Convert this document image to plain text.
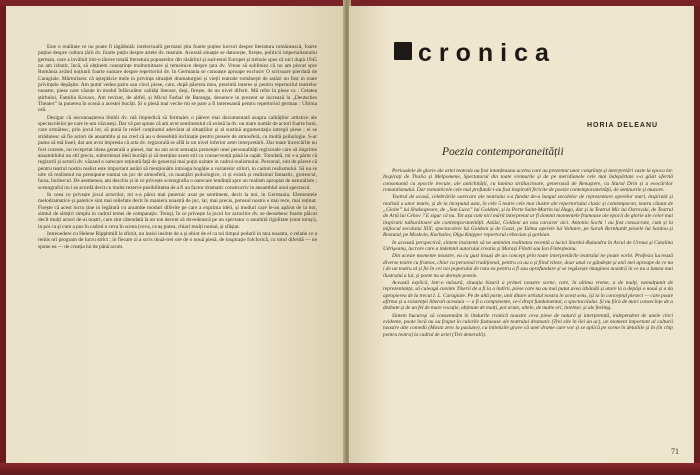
Este o realitate ce nu poate fi tăgăduită: intelectualii germani știu foarte puține lucruri despre literatura românească, foarte puține despre cultura țării dv. foarte puțin despre artele dv. teatrale. Această situație se datorește, firește, politicii imperialismului german, care a invăluit intr-o tăcere totală literatura popoarelor din răsăritul și sud-estul Europei și trebuie spus că nici după 1945 nu am izbutit, încă, să obținem cunoștințe multumitoare și temeinice despre țara dv. Vreau să subliniez că nu am plecat spre România având noțiunii foarte sumare despre repertoriul dv. In Germania se cunoaște aproape exclusiv O scrisoare pierdută de Caragiale. Mărturisesc că așteptăcie mele in privința situației dramaturgiei și vieții teatrale românești de astăzi nu fost in toate privințele depășite. Am putut vedea patru sau cinci piese, care, după părerea mea, prezintă interes și pentru repertoriul teatrelor noastre, piese care văzute in modul înfăcurător calități literare, deși, firește, de un nivel diferit. Mă refer la piese ca : Cetatea știrbului, Familia Kovacs, Am revizor, de altfel, și Micul Farbal de Baranga, deoarece in prezent se lucrează la „Deutsches Theater” la punerea în scenă a acestei bucăți. Și o piesă mai veche mi se pare a fi interesantă pentru repertoriul german : Ultima oră.

Desigur că necunoașterea limbii dv. mă împiedică să formulez o părere mai documentată asupra calităților artistice ale spectacolelor pe care le-am văzuseși. Dar vă pot spune că am avut sentimentul că există la dv. un mare număr de actori foarte buni, care urmăresc, prin jocul lor, să pună în relief conținutul adevărat al situațiilor și al sustină argumentația intregii piese ; ei se străduiesc să fie actori de ansamblu și nu cred că au o deosebită inclinație pentru piesele de atmosferă, cu multă psihologie. S-ar putea să mă însel, dar am avut impresia că arta dv. regizorală se află la un nivel inferior artei interpretării. Dar toate încercările nu fost curente, nu recepctat ideea generală a piesei, dar nu am avut senzația prezenței unei personalități regizorale care să imprime ansamblului un stil precis, subordonat ideii bucății și să menține acest stil cu consecvență până la capăt. Totodată, mi s-a părut că regizorii și actorii dv. văzand o oarecare reținută față de generoși mai puțin uzitate in cadrul realismului. Personal, sint de părere că pentru teatrul nostru realist este important astăzi să menționăm intreaga bogăție a variatelor stiluri, in cadrul realismului. Să nu se uite că realismul nu presupune numai un joc de atmosferă, cu nuanțări psihologice, ci și există și realismul fantastic, grotescul, farsa, burlescul. De asemenea, am deschis și in ce privește scenografia o oarecare tendință spre un realism apropiat de naturalism ; scenograful nu i se acordă decit cu multe rezerve posibilitatea de a fi un factor dramatic constructiv in ansamblul unui spectacol.

In ceea ce privește jocul actorilor, mi s-a părut mai puternic axat pe sentiment, decit la noi, in Germania. Elementele melodramatice și patetice sint mai reliefate decit în maniera noastră de joc, iar, mai precis, potosul nostru e mai rece, mai reținut. Firește că acest lucru ține in legătură cu anumite moduri diferite pe care a exprima ideii, și moduri care le-au apărut de la noi, simtul de simțiri simplu in cadrul temei de comparație. Totuși, în ce privește la jocul lor actorilor dv. se deosebesc foarte plăcut decît mulți actori de-ai noștri, care sint câteodată la un ton decent să dovedească pe un spectator o anumită rigiditate (sunt totuși), in poi ca și cum a pus în cadrul o ceva în scena (ceva, ce aș putea, chiar) mulți numai, și sfâșiat.

Intreoedere cu Helene Rippbmill la sfirsit, nu insisi insinte de a și obiot de el ca toi timpul pedarii in tara noastra, o relatie ce a remis ori program de lucru strict ; in fiecare zi a scris două-trei ore de o nouă piesă, de inspirație folclorică, cu totul diferită — ne spune ea — de creația lui de până acum.

cronica
HORIA DELEANU
Poezia contemporaneității

Perioadele de glorie ale artei teatrale au fost intotdeauna acelea care au prezentat unor conștiințe și interpretări vaste la epoca lor. Inspirați de Thalia și Melpomene, Spectatorul din toate vremurile și de pe meridianele cele mai îndepărtate s-a găsit oferită consonantă cu epocile trecute, ale antichității, cu lumina străluciroare, generoasă de Renaștere, cu Sturul Drin și a evocărilor romantismului. Dar romanticele cele mai profunde i-au fost inspiratii fericite de poezie contemporaneității, de seninurile și muzore.

Teatrul de acasă, celebrările oarecare ale teatrului s-a fundat de-a lungul secolelor de reprezentare operelor mari, inspirată și realistă a unor teatre, și de la inceputul asta, în cele 5 teatre cele mai ilustre ale repertoriului clasic și contemporan, teatru căutat de „Globe” lui Shakespeare, de „San Luca” lui Goldoni, și la Porte Saint-Martin lui Hugo, dar și la Teatrul Mic lui Ostrovski, de Teatrul de Artă lui Cehov ? E sigur că nu. Tot așa cum nici mărit interpretat ar fi domnit momentele frumoase ale epocii de glorie ale celor mai inspiratii tulburătoare ale contemporaneității. Astăzi, Goldoni un nou caracter aici. Antonio Sochi ! au fost consacrate, cum și la mijlocul secolului XIX; spectacolele lui Goldoni și de Gozzi, pe Talma operele lui Voltaire, pe Sarah Bernhardt piesele lui Sardou și Rostand, pe Moskvin, Kachalov, Olga Knipper reportorul cehovian și gorkian.

In această perspectivă, sintem insistenti să ne amintim realitatea recentă a luciei Stardoi-Bulandra în Arcul de Urmuz și Catalina Udrișeanu, lucrare care a indemnit autorului creatia și Marași Filotti sau Ion Finteșteanu.

Din aceste momente noastre, ea cu gust însuși de un concept prin toate interpretările teatrului ne poate vorbi. Profesia lucrează diverse teatre cu frumos, chiar cu personal tradițional, pentru ca au o și fiind viteze, doar unul ce gândește și anii mei aproape de ce nu i de un teatru al și fie în cei noi poporului de ruta ea pentru a fi sau aprofundare și se regăsește imaginea noastră în ce nu a lumea mai ilustrului a lui, și poete nu se dorește poezie.

Această explică, într-o măsură, situația bizară a primei noastre scene, care, în ultima vreme, a de mulți, nemulțumit de reprezentanța, să culeagă cuvinte Tinerii de a fi la a îndirii, piese care nu au mai putut avea izbândă și atare la a depăși o nouă și a da apropierea de la trecut I. L. Caragiale. Pe de altă parte, unii ditare artistul nostru în acest sens, își ia în conceptul pieseci — care poate afirma și a existenței liberali acestuia — a fi o componente, ce-i drept fundamental, a spectacolului. Și nu fără de mari consecințe de a dezbate și de un fel de mare vocație, obținute de mulți, pot arate, altele, de multe ori, întelese, și ale feeling.

Sintem bucuroși să consemnăm în lindurile cronicii noastre ceva piese de natură și interpretată, independent de unele cinci evidente, poate încă nu au frapat în culorile fastuoase ale teatrului dramatic (Trei zile în liei un ac), un moment important al culturii noastre alte comedii (Mosta zero la pasiune), cu intimizile grave că unei drame care vor și se aplică pe scene în detaliile și în (în chip pentru teatru) la cadrul de artei (Trei deneralii).

71
